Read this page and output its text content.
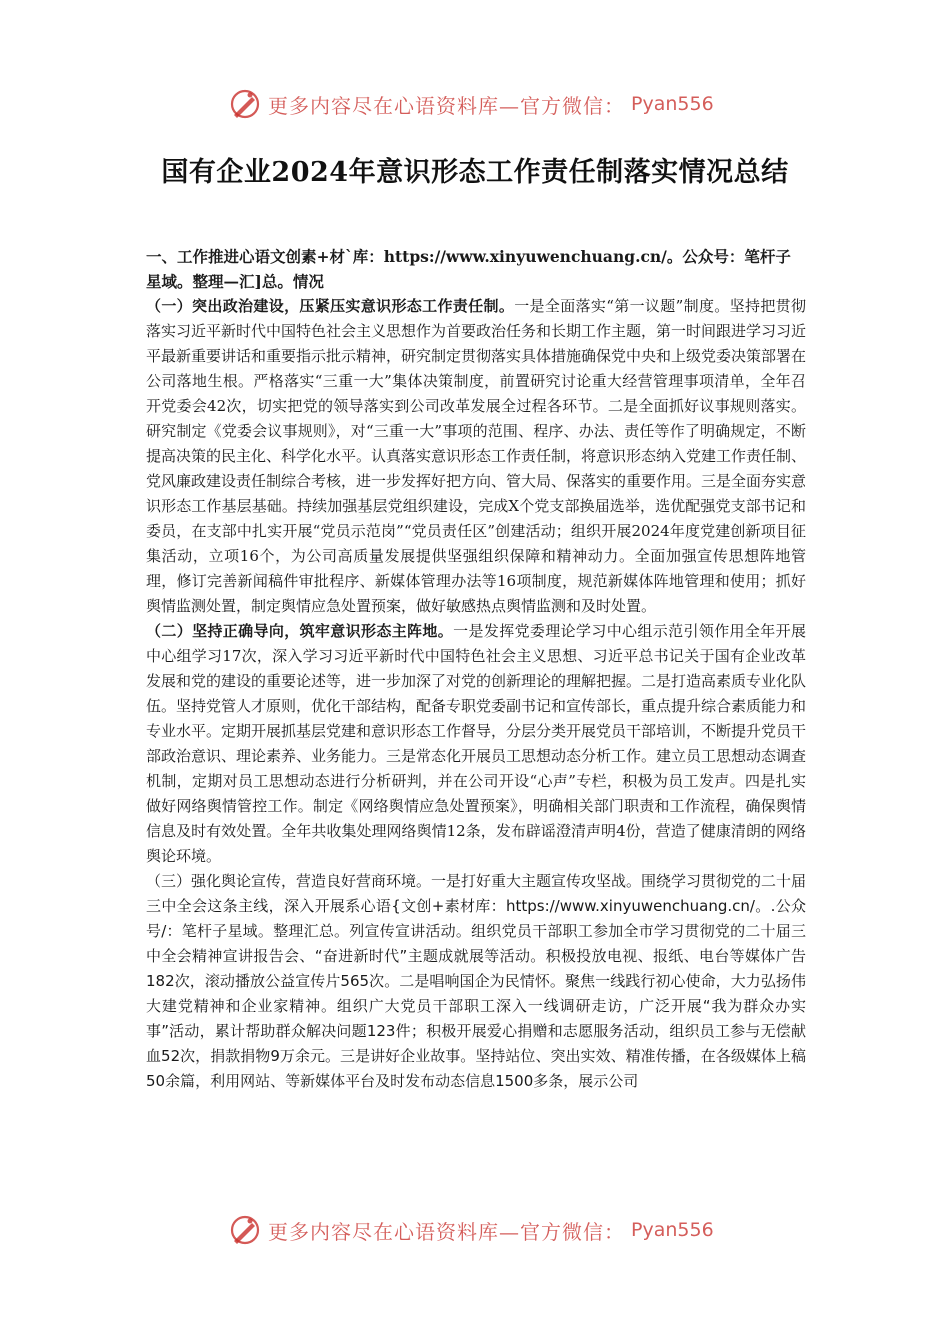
更多内容尽在心语资料库—官方微信： Pyan556
国有企业2024年意识形态工作责任制落实情况总结

一、工作推进心语文创素+材`库：https://www.xinyuwenchuang.cn/。公众号：笔杆子星域。整理—汇]总。情况

（一）突出政治建设，压紧压实意识形态工作责任制。一是全面落实“第一议题”制度。坚持把贯彻落实习近平新时代中国特色社会主义思想作为首要政治任务和长期工作主题，第一时间跟进学习习近平最新重要讲话和重要指示批示精神，研究制定贯彻落实具体措施确保党中央和上级党委决策部署在公司落地生根。严格落实“三重一大”集体决策制度，前置研究讨论重大经营管理事项清单，全年召开党委会42次，切实把党的领导落实到公司改革发展全过程各环节。二是全面抓好议事规则落实。研究制定《党委会议事规则》，对“三重一大”事项的范围、程序、办法、责任等作了明确规定，不断提高决策的民主化、科学化水平。认真落实意识形态工作责任制，将意识形态纳入党建工作责任制、党风廉政建设责任制综合考核，进一步发挥好把方向、管大局、保落实的重要作用。三是全面夯实意识形态工作基层基础。持续加强基层党组织建设，完成X个党支部换届选举，选优配强党支部书记和委员，在支部中扎实开展“党员示范岗”“党员责任区”创建活动；组织开展2024年度党建创新项目征集活动，立项16个，为公司高质量发展提供坚强组织保障和精神动力。全面加强宣传思想阵地管理，修订完善新闻稿件审批程序、新媒体管理办法等16项制度，规范新媒体阵地管理和使用；抓好舆情监测处置，制定舆情应急处置预案，做好敏感热点舆情监测和及时处置。

（二）坚持正确导向，筑牢意识形态主阵地。一是发挥党委理论学习中心组示范引领作用全年开展中心组学习17次，深入学习习近平新时代中国特色社会主义思想、习近平总书记关于国有企业改革发展和党的建设的重要论述等，进一步加深了对党的创新理论的理解把握。二是打造高素质专业化队伍。坚持党管人才原则，优化干部结构，配备专职党委副书记和宣传部长，重点提升综合素质能力和专业水平。定期开展抓基层党建和意识形态工作督导，分层分类开展党员干部培训，不断提升党员干部政治意识、理论素养、业务能力。三是常态化开展员工思想动态分析工作。建立员工思想动态调查机制，定期对员工思想动态进行分析研判，并在公司开设“心声”专栏，积极为员工发声。四是扎实做好网络舆情管控工作。制定《网络舆情应急处置预案》，明确相关部门职责和工作流程，确保舆情信息及时有效处置。全年共收集处理网络舆情12条，发布辟谣澄清声明4份，营造了健康清朗的网络舆论环境。

（三）强化舆论宣传，营造良好营商环境。一是打好重大主题宣传攻坚战。围绕学习贯彻党的二十届三中全会这条主线，深入开展系心语{文创+素材库：https://www.xinyuwenchuang.cn/。.公众号/：笔杆子星域。整理汇总。列宣传宣讲活动。组织党员干部职工参加全市学习贯彻党的二十届三中全会精神宣讲报告会、“奋进新时代”主题成就展等活动。积极投放电视、报纸、电台等媒体广告182次，滚动播放公益宣传片565次。二是唱响国企为民情怀。聚焦一线践行初心使命，大力弘扬伟大建党精神和企业家精神。组织广大党员干部职工深入一线调研走访，广泛开展“我为群众办实事”活动，累计帮助群众解决问题123件；积极开展爱心捐赠和志愿服务活动，组织员工参与无偿献血52次，捐款捐物9万余元。三是讲好企业故事。坚持站位、突出实效、精准传播，在各级媒体上稿50余篇，利用网站、等新媒体平台及时发布动态信息1500多条，展示公司

更多内容尽在心语资料库—官方微信： Pyan556
